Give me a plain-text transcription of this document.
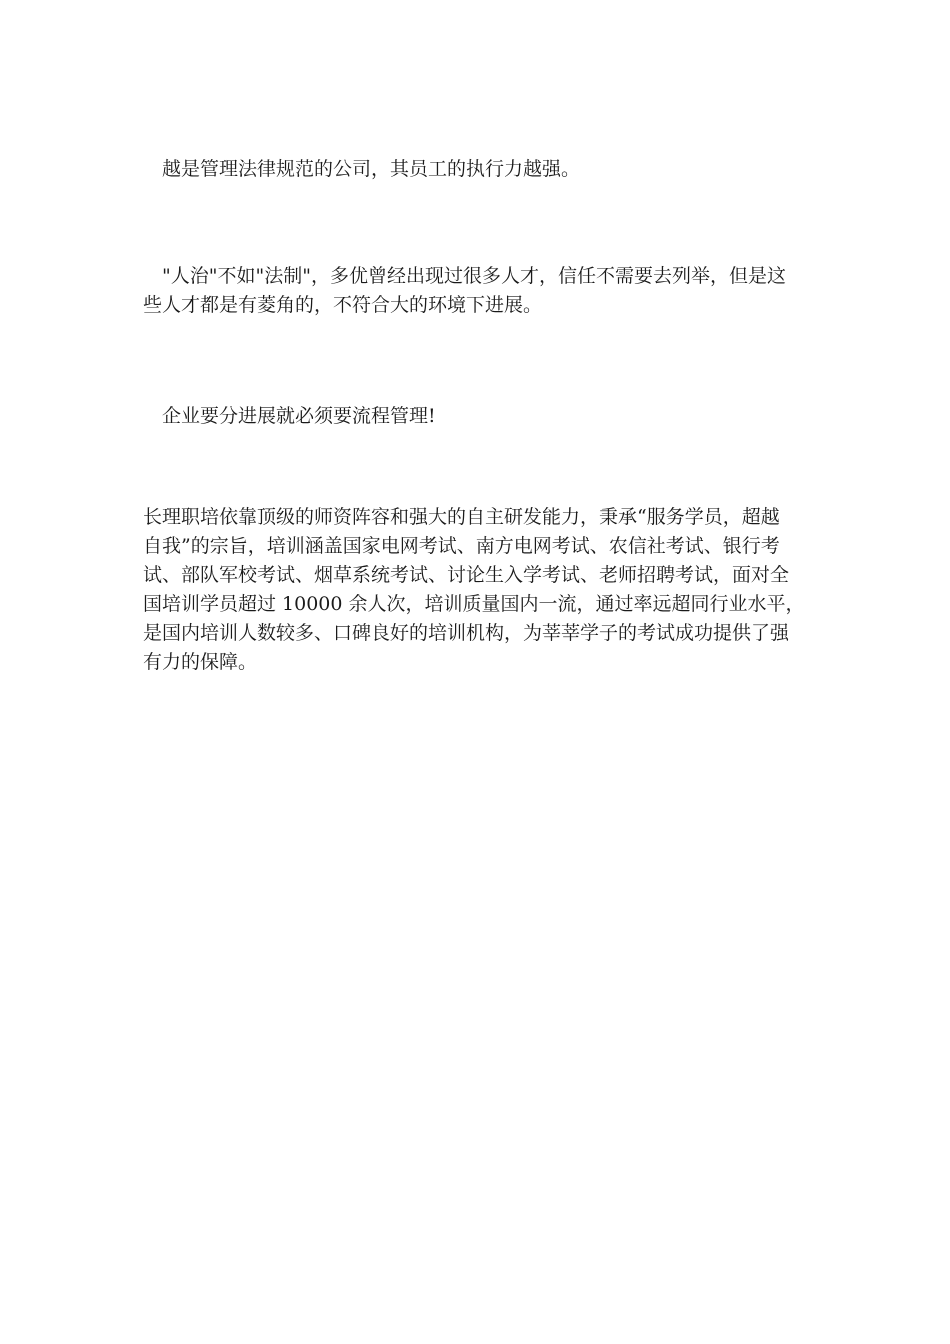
　越是管理法律规范的公司，其员工的执行力越强。

　"人治"不如"法制"，多优曾经出现过很多人才，信任不需要去列举，但是这
些人才都是有菱角的，不符合大的环境下进展。

　企业要分进展就必须要流程管理!

长理职培依靠顶级的师资阵容和强大的自主研发能力，秉承“服务学员，超越
自我”的宗旨，培训涵盖国家电网考试、南方电网考试、农信社考试、银行考
试、部队军校考试、烟草系统考试、讨论生入学考试、老师招聘考试，面对全
国培训学员超过 10000 余人次，培训质量国内一流，通过率远超同行业水平，
是国内培训人数较多、口碑良好的培训机构，为莘莘学子的考试成功提供了强
有力的保障。
